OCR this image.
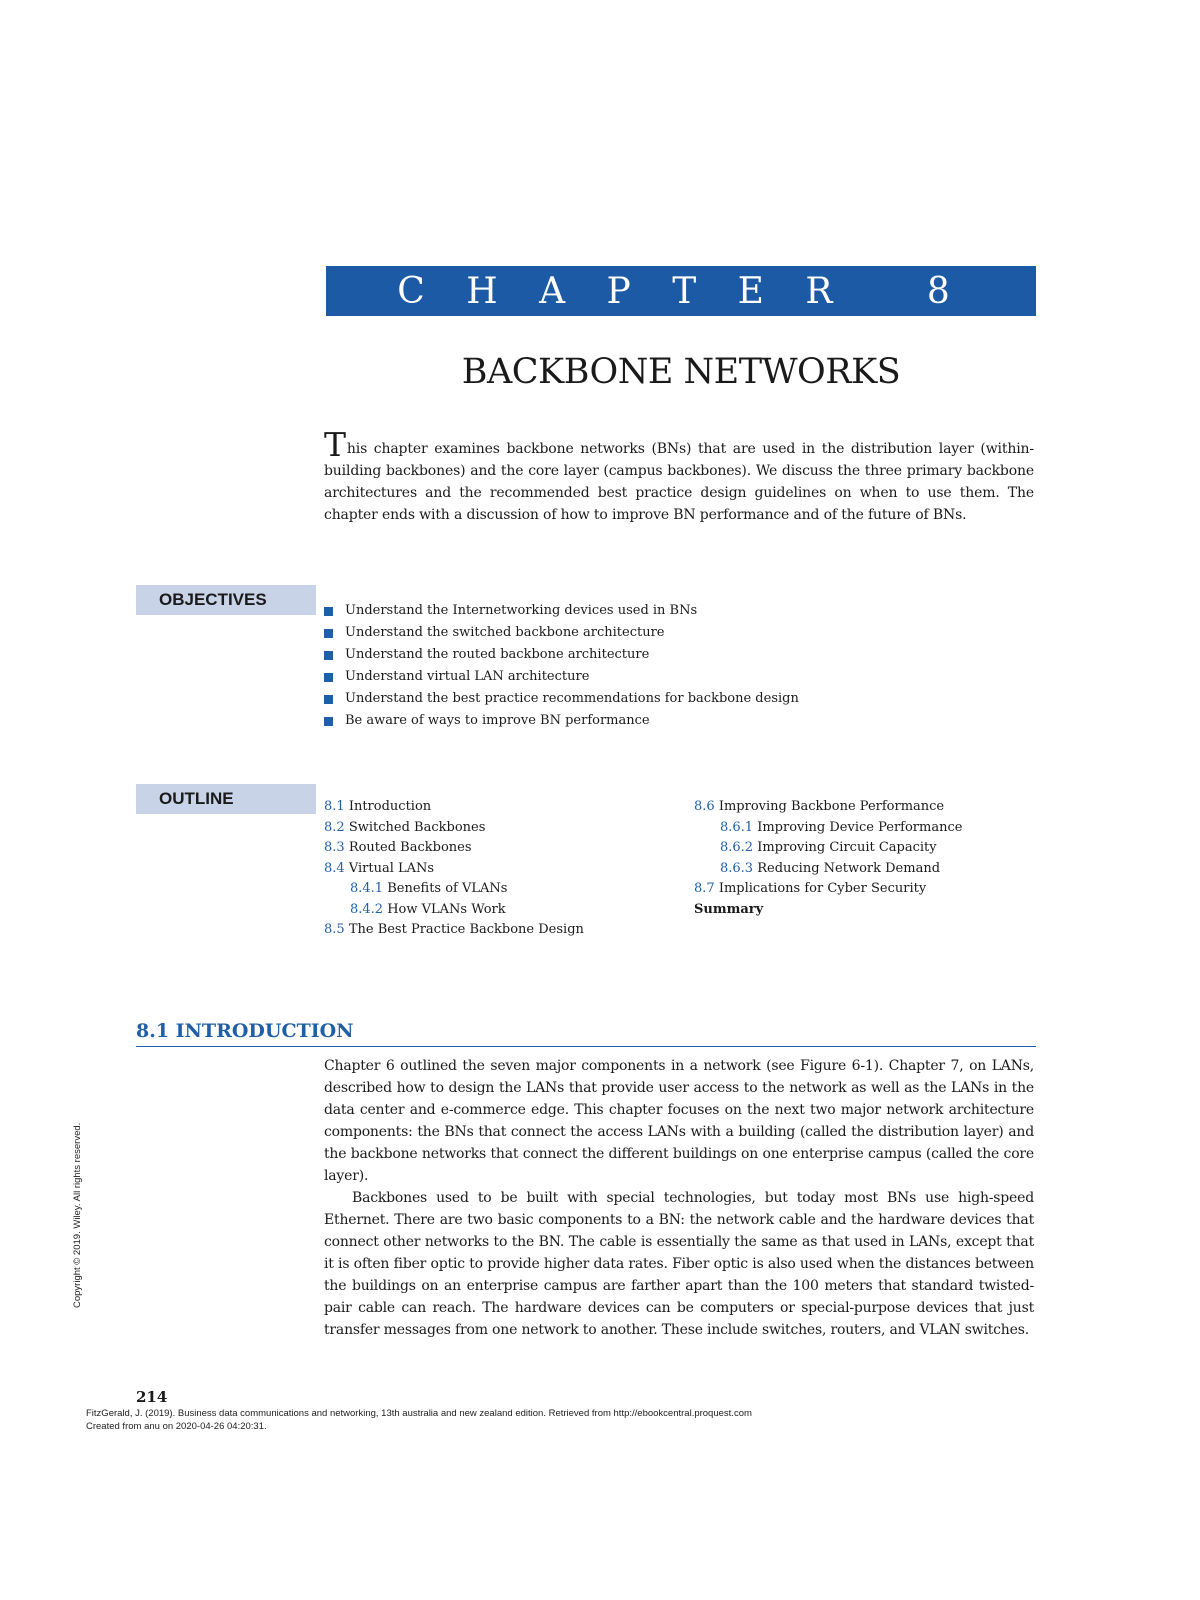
C H A P T E R   8
BACKBONE NETWORKS
This chapter examines backbone networks (BNs) that are used in the distribution layer (within-building backbones) and the core layer (campus backbones). We discuss the three primary backbone architectures and the recommended best practice design guidelines on when to use them. The chapter ends with a discussion of how to improve BN performance and of the future of BNs.
OBJECTIVES
Understand the Internetworking devices used in BNs
Understand the switched backbone architecture
Understand the routed backbone architecture
Understand virtual LAN architecture
Understand the best practice recommendations for backbone design
Be aware of ways to improve BN performance
OUTLINE	8.1 Introduction
8.2 Switched Backbones
8.3 Routed Backbones
8.4 Virtual LANs
8.4.1 Benefits of VLANs
8.4.2 How VLANs Work
8.5 The Best Practice Backbone Design
8.6 Improving Backbone Performance
8.6.1 Improving Device Performance
8.6.2 Improving Circuit Capacity
8.6.3 Reducing Network Demand
8.7 Implications for Cyber Security
Summary
8.1 INTRODUCTION

Chapter 6 outlined the seven major components in a network (see Figure 6-1). Chapter 7, on LANs, described how to design the LANs that provide user access to the network as well as the LANs in the data center and e-commerce edge. This chapter focuses on the next two major network architecture components: the BNs that connect the access LANs with a building (called the distribution layer) and the backbone networks that connect the different buildings on one enterprise campus (called the core layer).

Backbones used to be built with special technologies, but today most BNs use high-speed Ethernet. There are two basic components to a BN: the network cable and the hardware devices that connect other networks to the BN. The cable is essentially the same as that used in LANs, except that it is often fiber optic to provide higher data rates. Fiber optic is also used when the distances between the buildings on an enterprise campus are farther apart than the 100 meters that standard twisted-pair cable can reach. The hardware devices can be computers or special-purpose devices that just transfer messages from one network to another. These include switches, routers, and VLAN switches.

Copyright © 2019. Wiley. All rights reserved.
214
FitzGerald, J. (2019). Business data communications and networking, 13th australia and new zealand edition. Retrieved from http://ebookcentral.proquest.com
Created from anu on 2020-04-26 04:20:31.
